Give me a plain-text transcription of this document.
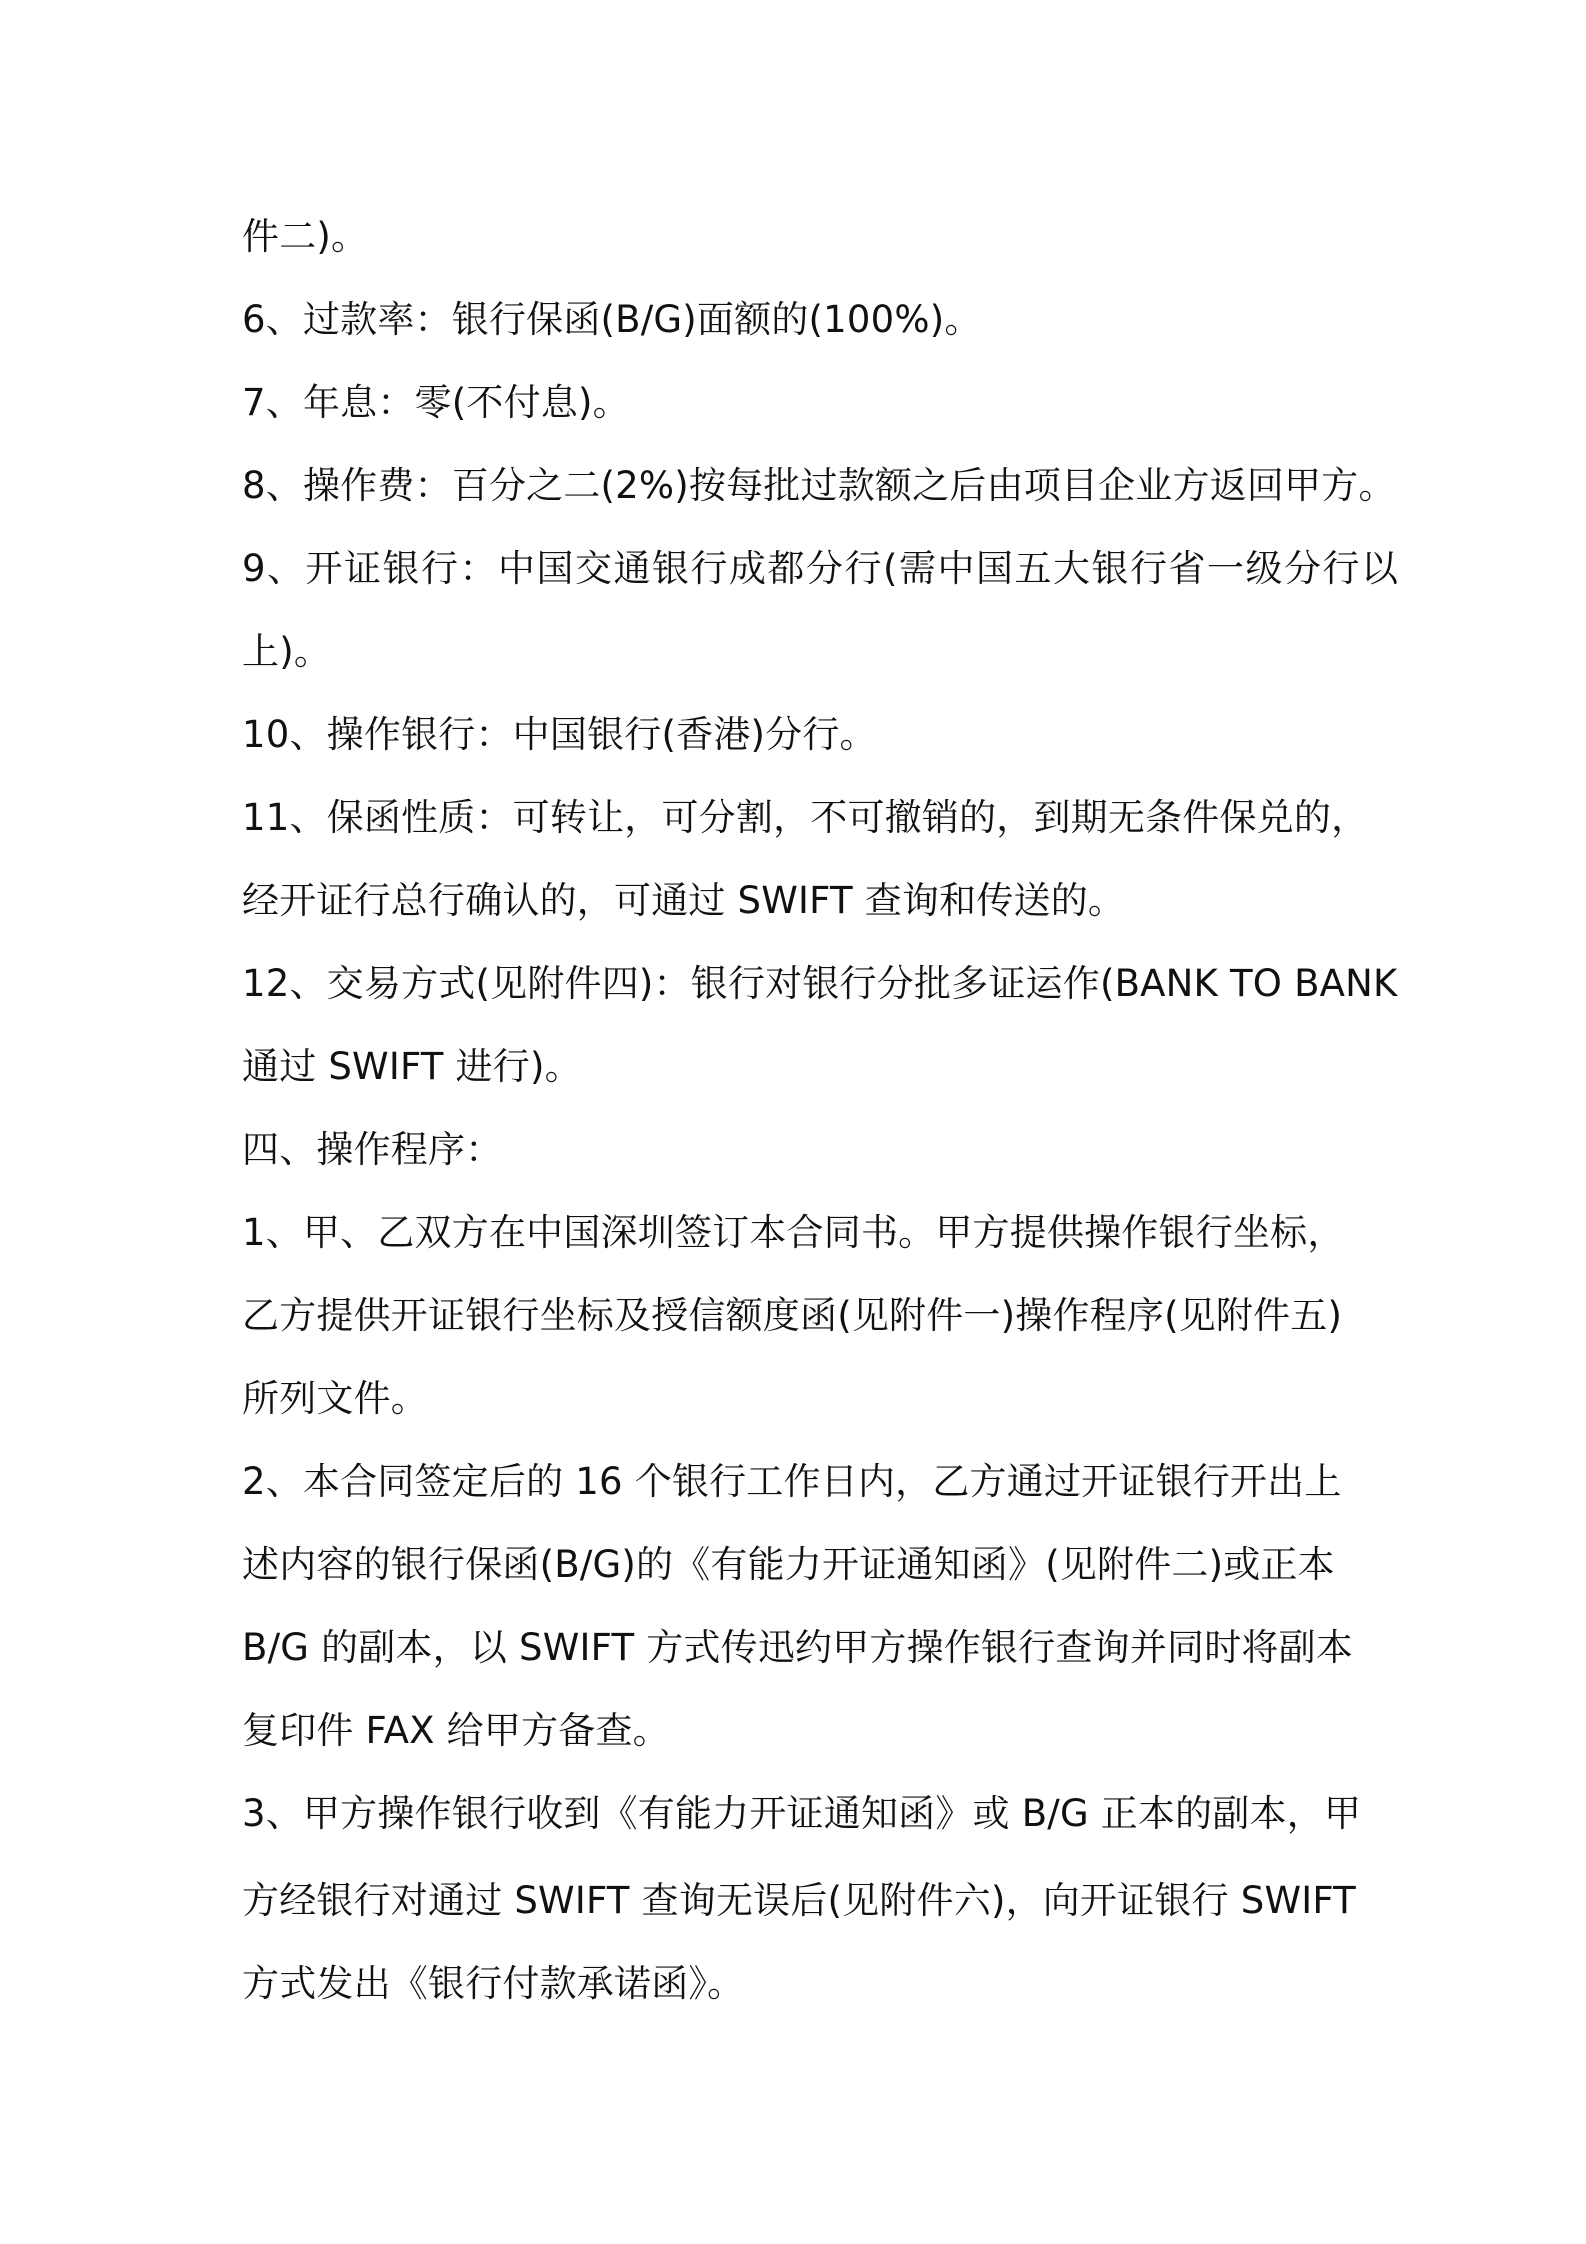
件二)。
6、过款率：银行保函(B/G)面额的(100%)。
7、年息：零(不付息)。
8、操作费：百分之二(2%)按每批过款额之后由项目企业方返回甲方。
9、开证银行：中国交通银行成都分行(需中国五大银行省一级分行以
上)。
10、操作银行：中国银行(香港)分行。
11、保函性质：可转让，可分割，不可撤销的，到期无条件保兑的，
经开证行总行确认的，可通过 SWIFT 查询和传送的。
12、交易方式(见附件四)：银行对银行分批多证运作(BANK TO BANK
通过 SWIFT 进行)。
四、操作程序：
1、甲、乙双方在中国深圳签订本合同书。甲方提供操作银行坐标，
乙方提供开证银行坐标及授信额度函(见附件一)操作程序(见附件五)
所列文件。
2、本合同签定后的 16 个银行工作日内，乙方通过开证银行开出上
述内容的银行保函(B/G)的《有能力开证通知函》(见附件二)或正本
B/G 的副本，以 SWIFT 方式传迅约甲方操作银行查询并同时将副本
复印件 FAX 给甲方备查。
3、甲方操作银行收到《有能力开证通知函》或 B/G 正本的副本，甲
方经银行对通过 SWIFT 查询无误后(见附件六)，向开证银行 SWIFT
方式发出《银行付款承诺函》。
